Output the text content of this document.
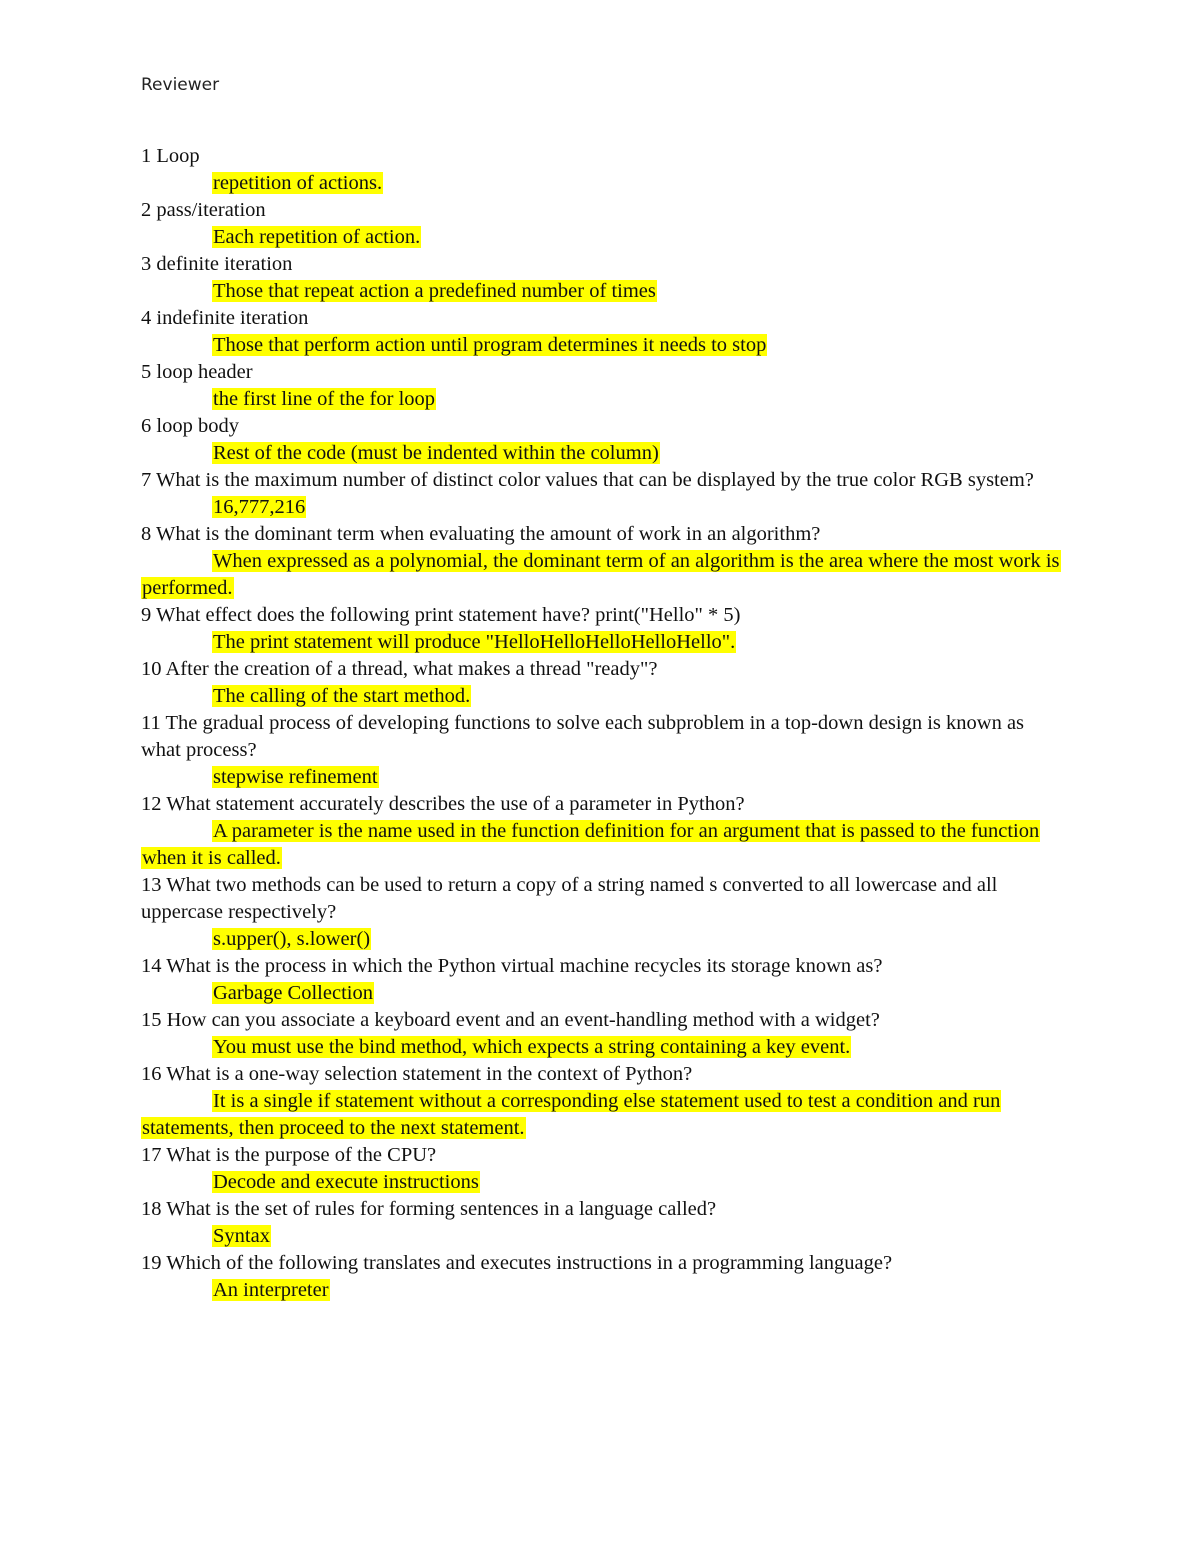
Reviewer

1 Loop

repetition of actions.

2 pass/iteration

Each repetition of action.

3 definite iteration

Those that repeat action a predefined number of times

4 indefinite iteration

Those that perform action until program determines it needs to stop

5 loop header

the first line of the for loop

6 loop body

Rest of the code (must be indented within the column)

7 What is the maximum number of distinct color values that can be displayed by the true color RGB system?

16,777,216

8 What is the dominant term when evaluating the amount of work in an algorithm?

When expressed as a polynomial, the dominant term of an algorithm is the area where the most work is performed.

9 What effect does the following print statement have? print("Hello" * 5)

The print statement will produce "HelloHelloHelloHelloHello".

10 After the creation of a thread, what makes a thread "ready"?

The calling of the start method.

11 The gradual process of developing functions to solve each subproblem in a top-down design is known as what process?

stepwise refinement

12 What statement accurately describes the use of a parameter in Python?

A parameter is the name used in the function definition for an argument that is passed to the function when it is called.

13 What two methods can be used to return a copy of a string named s converted to all lowercase and all uppercase respectively?

s.upper(), s.lower()

14 What is the process in which the Python virtual machine recycles its storage known as?

Garbage Collection

15 How can you associate a keyboard event and an event-handling method with a widget?

You must use the bind method, which expects a string containing a key event.

16 What is a one-way selection statement in the context of Python?

It is a single if statement without a corresponding else statement used to test a condition and run statements, then proceed to the next statement.

17 What is the purpose of the CPU?

Decode and execute instructions

18 What is the set of rules for forming sentences in a language called?

Syntax

19 Which of the following translates and executes instructions in a programming language?

An interpreter
